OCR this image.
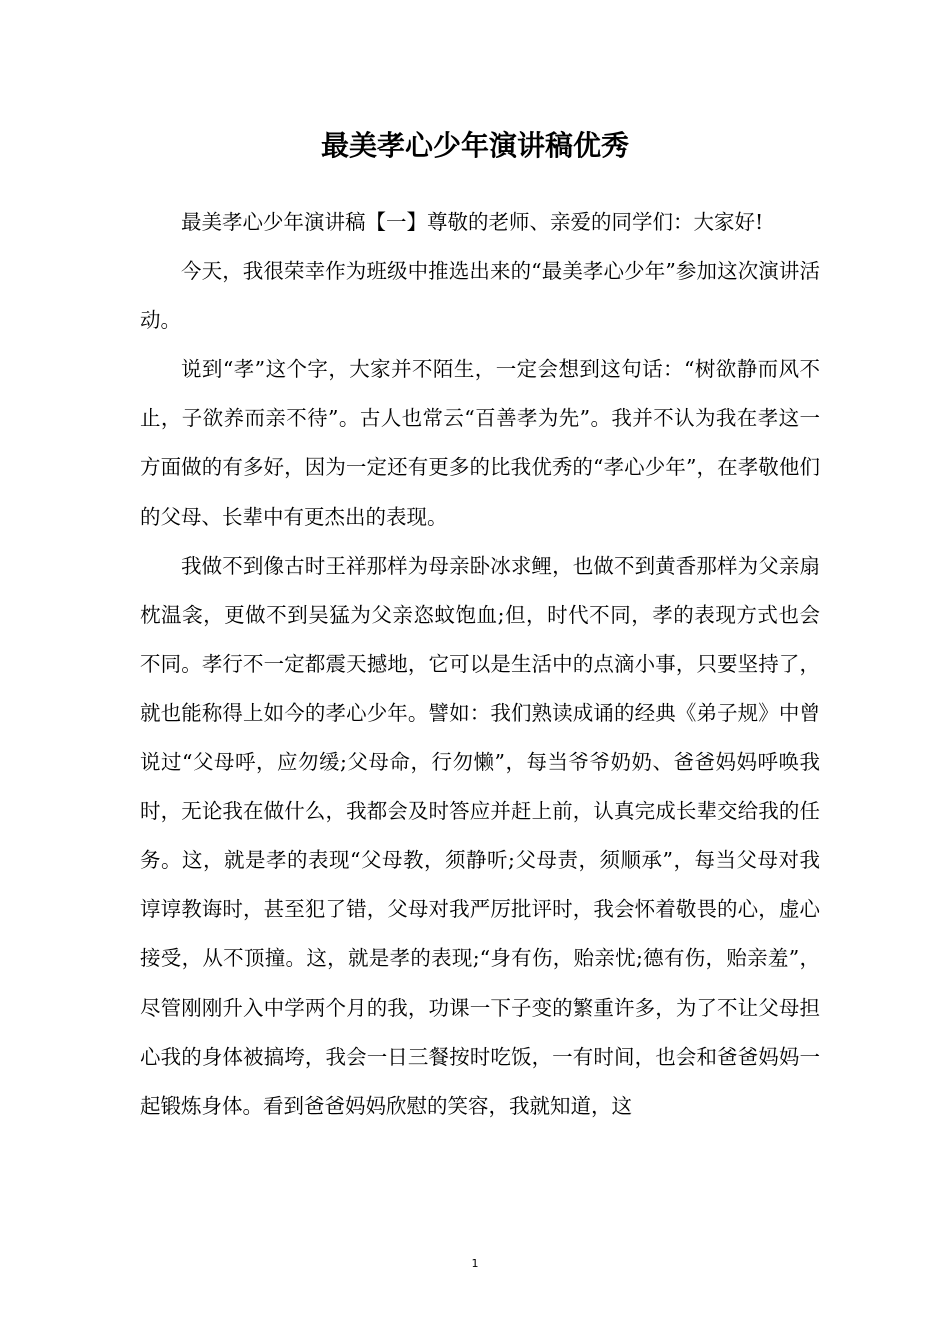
最美孝心少年演讲稿优秀

最美孝心少年演讲稿【一】尊敬的老师、亲爱的同学们：大家好!

今天，我很荣幸作为班级中推选出来的“最美孝心少年”参加这次演讲活动。

说到“孝”这个字，大家并不陌生，一定会想到这句话：“树欲静而风不止，子欲养而亲不待”。古人也常云“百善孝为先”。我并不认为我在孝这一方面做的有多好，因为一定还有更多的比我优秀的“孝心少年”，在孝敬他们的父母、长辈中有更杰出的表现。

我做不到像古时王祥那样为母亲卧冰求鲤，也做不到黄香那样为父亲扇枕温衾，更做不到吴猛为父亲恣蚊饱血;但，时代不同，孝的表现方式也会不同。孝行不一定都震天撼地，它可以是生活中的点滴小事，只要坚持了，就也能称得上如今的孝心少年。譬如：我们熟读成诵的经典《弟子规》中曾说过“父母呼，应勿缓;父母命，行勿懒”，每当爷爷奶奶、爸爸妈妈呼唤我时，无论我在做什么，我都会及时答应并赶上前，认真完成长辈交给我的任务。这，就是孝的表现“父母教，须静听;父母责，须顺承”，每当父母对我谆谆教诲时，甚至犯了错，父母对我严厉批评时，我会怀着敬畏的心，虚心接受，从不顶撞。这，就是孝的表现;“身有伤，贻亲忧;德有伤，贻亲羞”，尽管刚刚升入中学两个月的我，功课一下子变的繁重许多，为了不让父母担心我的身体被搞垮，我会一日三餐按时吃饭，一有时间，也会和爸爸妈妈一起锻炼身体。看到爸爸妈妈欣慰的笑容，我就知道，这

1
